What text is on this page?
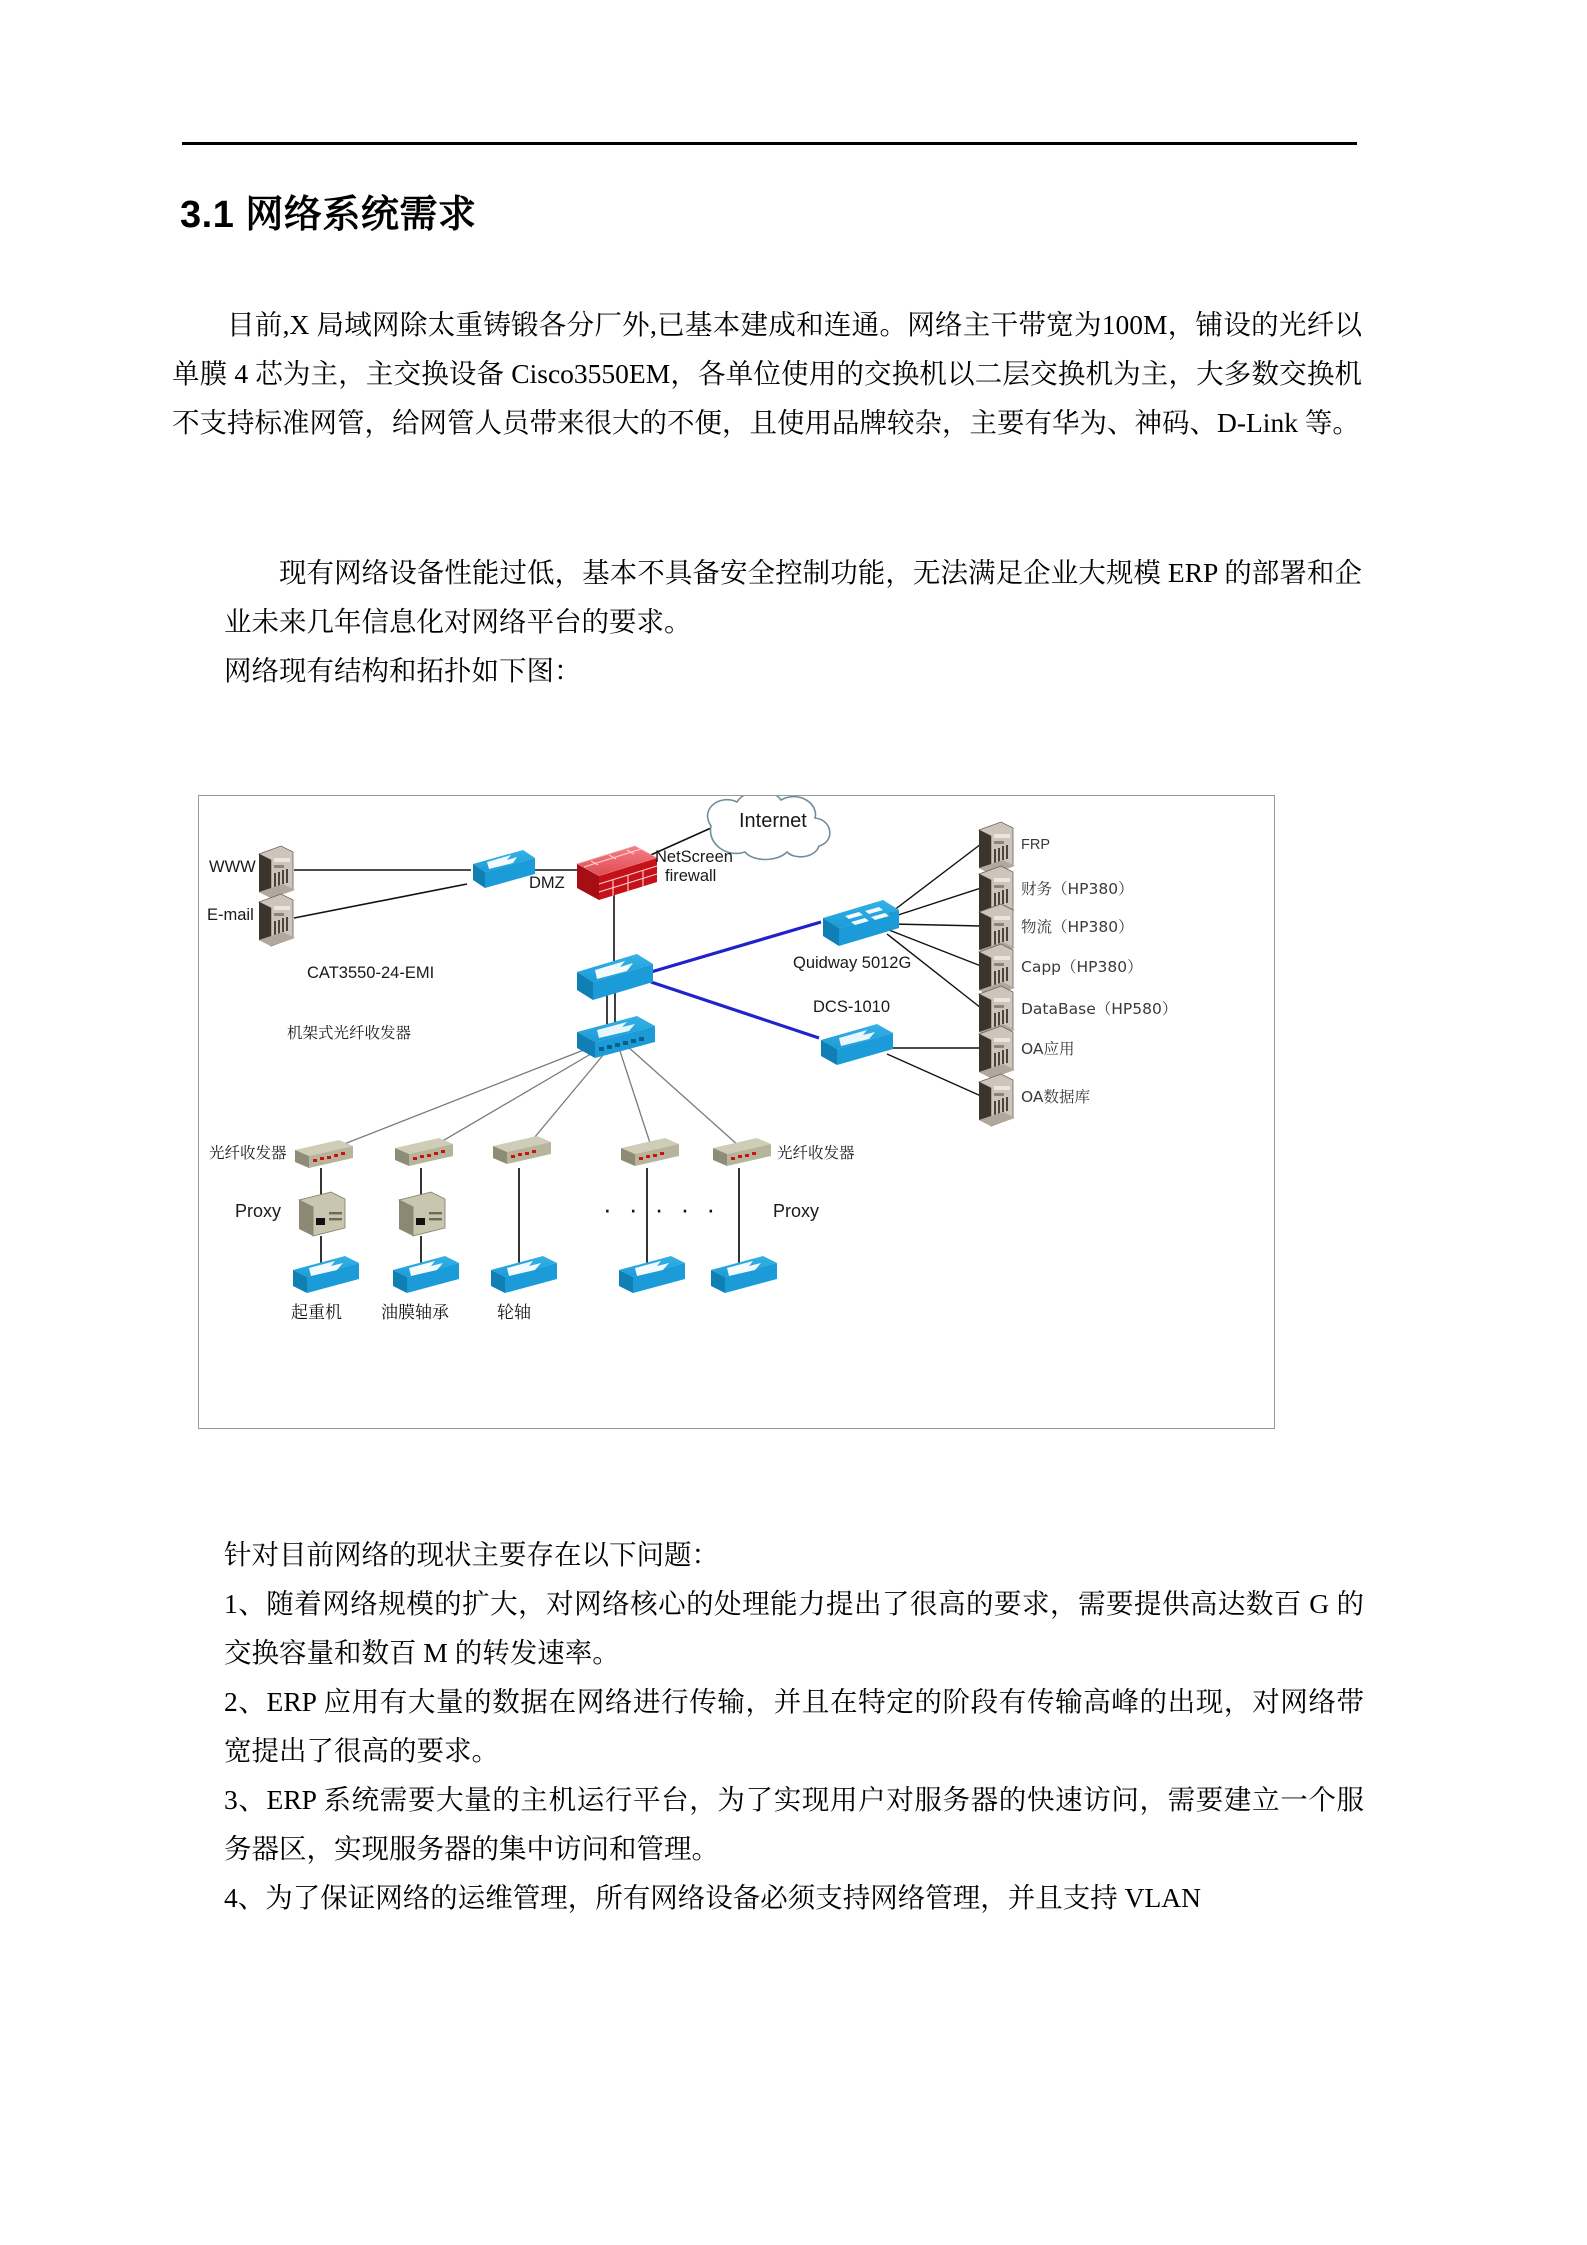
3.1 网络系统需求

目前,X 局域网除太重铸锻各分厂外,已基本建成和连通。网络主干带宽为100M，铺设的光纤以单膜 4 芯为主，主交换设备 Cisco3550EM，各单位使用的交换机以二层交换机为主，大多数交换机不支持标准网管，给网管人员带来很大的不便，且使用品牌较杂，主要有华为、神码、D-Link 等。

现有网络设备性能过低，基本不具备安全控制功能，无法满足企业大规模 ERP 的部署和企业未来几年信息化对网络平台的要求。

网络现有结构和拓扑如下图：

Internet
NetScreen
firewall
DMZ
WWW
E-mail
CAT3550-24-EMI
机架式光纤收发器
Quidway 5012G
DCS-1010
FRP
财务（HP380）
物流（HP380）
Capp（HP380）
DataBase（HP580）
OA应用
OA数据库
光纤收发器	光纤收发器
Proxy	Proxy
· · · · ·
起重机 油膜轴承	轮轴

针对目前网络的现状主要存在以下问题：

1、随着网络规模的扩大，对网络核心的处理能力提出了很高的要求，需要提供高达数百 G 的交换容量和数百 M 的转发速率。

2、ERP 应用有大量的数据在网络进行传输，并且在特定的阶段有传输高峰的出现，对网络带宽提出了很高的要求。

3、ERP 系统需要大量的主机运行平台，为了实现用户对服务器的快速访问，需要建立一个服务器区，实现服务器的集中访问和管理。

4、为了保证网络的运维管理，所有网络设备必须支持网络管理，并且支持 VLAN
